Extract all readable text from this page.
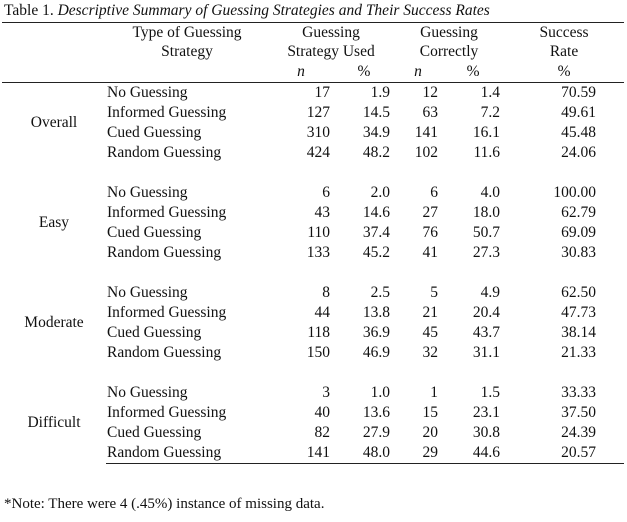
Table 1. Descriptive Summary of Guessing Strategies and Their Success Rates
	Type of Guessing	Guessing		Guessing		Success
	Strategy	Strategy Used		Correctly		Rate
		n	%	n	%	%
Overall	No Guessing	17	1.9	12	1.4	70.59
	Informed Guessing	127	14.5	63	7.2	49.61
	Cued Guessing	310	34.9	141	16.1	45.48
	Random Guessing	424	48.2	102	11.6	24.06

Easy	No Guessing	6	2.0	6	4.0	100.00
	Informed Guessing	43	14.6	27	18.0	62.79
	Cued Guessing	110	37.4	76	50.7	69.09
	Random Guessing	133	45.2	41	27.3	30.83

Moderate	No Guessing	8	2.5	5	4.9	62.50
	Informed Guessing	44	13.8	21	20.4	47.73
	Cued Guessing	118	36.9	45	43.7	38.14
	Random Guessing	150	46.9	32	31.1	21.33

Difficult	No Guessing	3	1.0	1	1.5	33.33
	Informed Guessing	40	13.6	15	23.1	37.50
	Cued Guessing	82	27.9	20	30.8	24.39
	Random Guessing	141	48.0	29	44.6	20.57
*Note: There were 4 (.45%) instance of missing data.
